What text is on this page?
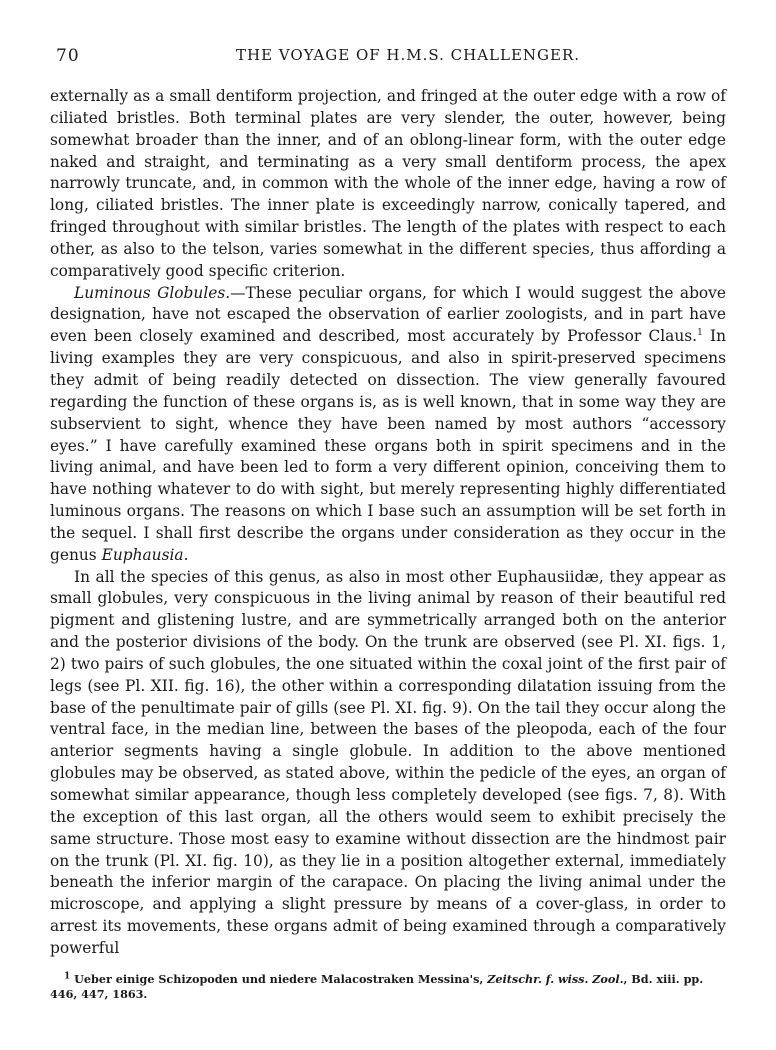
70	THE VOYAGE OF H.M.S. CHALLENGER.

externally as a small dentiform projection, and fringed at the outer edge with a row of ciliated bristles. Both terminal plates are very slender, the outer, however, being somewhat broader than the inner, and of an oblong-linear form, with the outer edge naked and straight, and terminating as a very small dentiform process, the apex narrowly truncate, and, in common with the whole of the inner edge, having a row of long, ciliated bristles. The inner plate is exceedingly narrow, conically tapered, and fringed throughout with similar bristles. The length of the plates with respect to each other, as also to the telson, varies somewhat in the different species, thus affording a comparatively good specific criterion.

Luminous Globules.—These peculiar organs, for which I would suggest the above designation, have not escaped the observation of earlier zoologists, and in part have even been closely examined and described, most accurately by Professor Claus.$^1$ In living examples they are very conspicuous, and also in spirit-preserved specimens they admit of being readily detected on dissection. The view generally favoured regarding the function of these organs is, as is well known, that in some way they are subservient to sight, whence they have been named by most authors “accessory eyes.” I have carefully examined these organs both in spirit specimens and in the living animal, and have been led to form a very different opinion, conceiving them to have nothing whatever to do with sight, but merely representing highly differentiated luminous organs. The reasons on which I base such an assumption will be set forth in the sequel. I shall first describe the organs under consideration as they occur in the genus Euphausia.

In all the species of this genus, as also in most other Euphausiidæ, they appear as small globules, very conspicuous in the living animal by reason of their beautiful red pigment and glistening lustre, and are symmetrically arranged both on the anterior and the posterior divisions of the body. On the trunk are observed (see Pl. XI. figs. 1, 2) two pairs of such globules, the one situated within the coxal joint of the first pair of legs (see Pl. XII. fig. 16), the other within a corresponding dilatation issuing from the base of the penultimate pair of gills (see Pl. XI. fig. 9). On the tail they occur along the ventral face, in the median line, between the bases of the pleopoda, each of the four anterior segments having a single globule. In addition to the above mentioned globules may be observed, as stated above, within the pedicle of the eyes, an organ of somewhat similar appearance, though less completely developed (see figs. 7, 8). With the exception of this last organ, all the others would seem to exhibit precisely the same structure. Those most easy to examine without dissection are the hindmost pair on the trunk (Pl. XI. fig. 10), as they lie in a position altogether external, immediately beneath the inferior margin of the carapace. On placing the living animal under the microscope, and applying a slight pressure by means of a cover-glass, in order to arrest its movements, these organs admit of being examined through a comparatively powerful

$^1$ Ueber einige Schizopoden und niedere Malacostraken Messina's, Zeitschr. f. wiss. Zool., Bd. xiii. pp. 446, 447, 1863.
